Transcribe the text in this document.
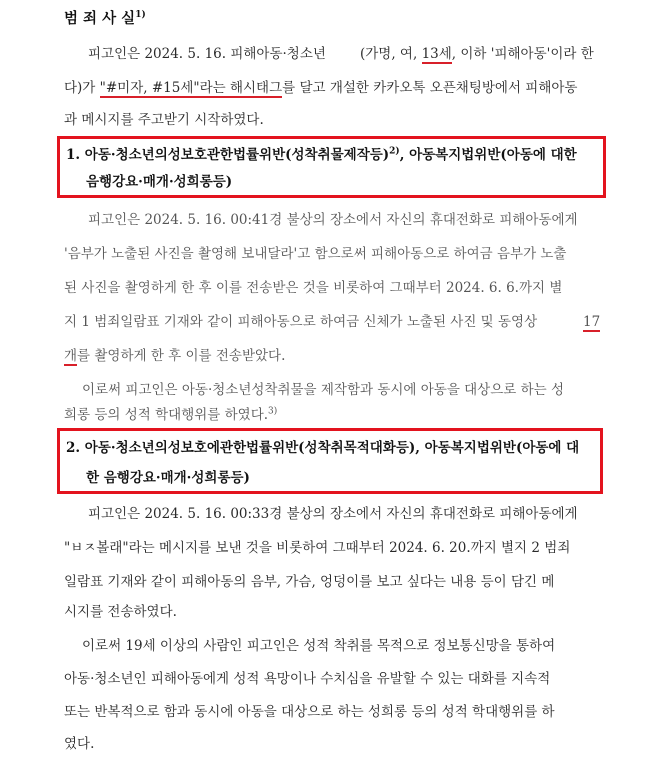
범 죄 사 실$^{1)}$
피고인은 2024. 5. 16. 피해아동·청소년	(가명, 여, 13세, 이하 '피해아동'이라 한
다)가 "#미자, #15세"라는 해시태그를 달고 개설한 카카오톡 오픈채팅방에서 피해아동
과 메시지를 주고받기 시작하였다.
1. 아동·청소년의성보호관한법률위반(성착취물제작등)$^{2)}$, 아동복지법위반(아동에 대한
음행강요·매개·성희롱등)
피고인은 2024. 5. 16. 00:41경 불상의 장소에서 자신의 휴대전화로 피해아동에게
'음부가 노출된 사진을 촬영해 보내달라'고 함으로써 피해아동으로 하여금 음부가 노출
된 사진을 촬영하게 한 후 이를 전송받은 것을 비롯하여 그때부터 2024. 6. 6.까지 별
지 1 범죄일람표 기재와 같이 피해아동으로 하여금 신체가 노출된 사진 및 동영상	17
개를 촬영하게 한 후 이를 전송받았다.
이로써 피고인은 아동·청소년성착취물을 제작함과 동시에 아동을 대상으로 하는 성
희롱 등의 성적 학대행위를 하였다.$^{3)}$
2. 아동·청소년의성보호에관한법률위반(성착취목적대화등), 아동복지법위반(아동에 대
한 음행강요·매개·성희롱등)
피고인은 2024. 5. 16. 00:33경 불상의 장소에서 자신의 휴대전화로 피해아동에게
"ㅂㅈ볼래"라는 메시지를 보낸 것을 비롯하여 그때부터 2024. 6. 20.까지 별지 2 범죄
일람표 기재와 같이 피해아동의 음부, 가슴, 엉덩이를 보고 싶다는 내용 등이 담긴 메
시지를 전송하였다.
이로써 19세 이상의 사람인 피고인은 성적 착취를 목적으로 정보통신망을 통하여
아동·청소년인 피해아동에게 성적 욕망이나 수치심을 유발할 수 있는 대화를 지속적
또는 반복적으로 함과 동시에 아동을 대상으로 하는 성희롱 등의 성적 학대행위를 하
였다.
